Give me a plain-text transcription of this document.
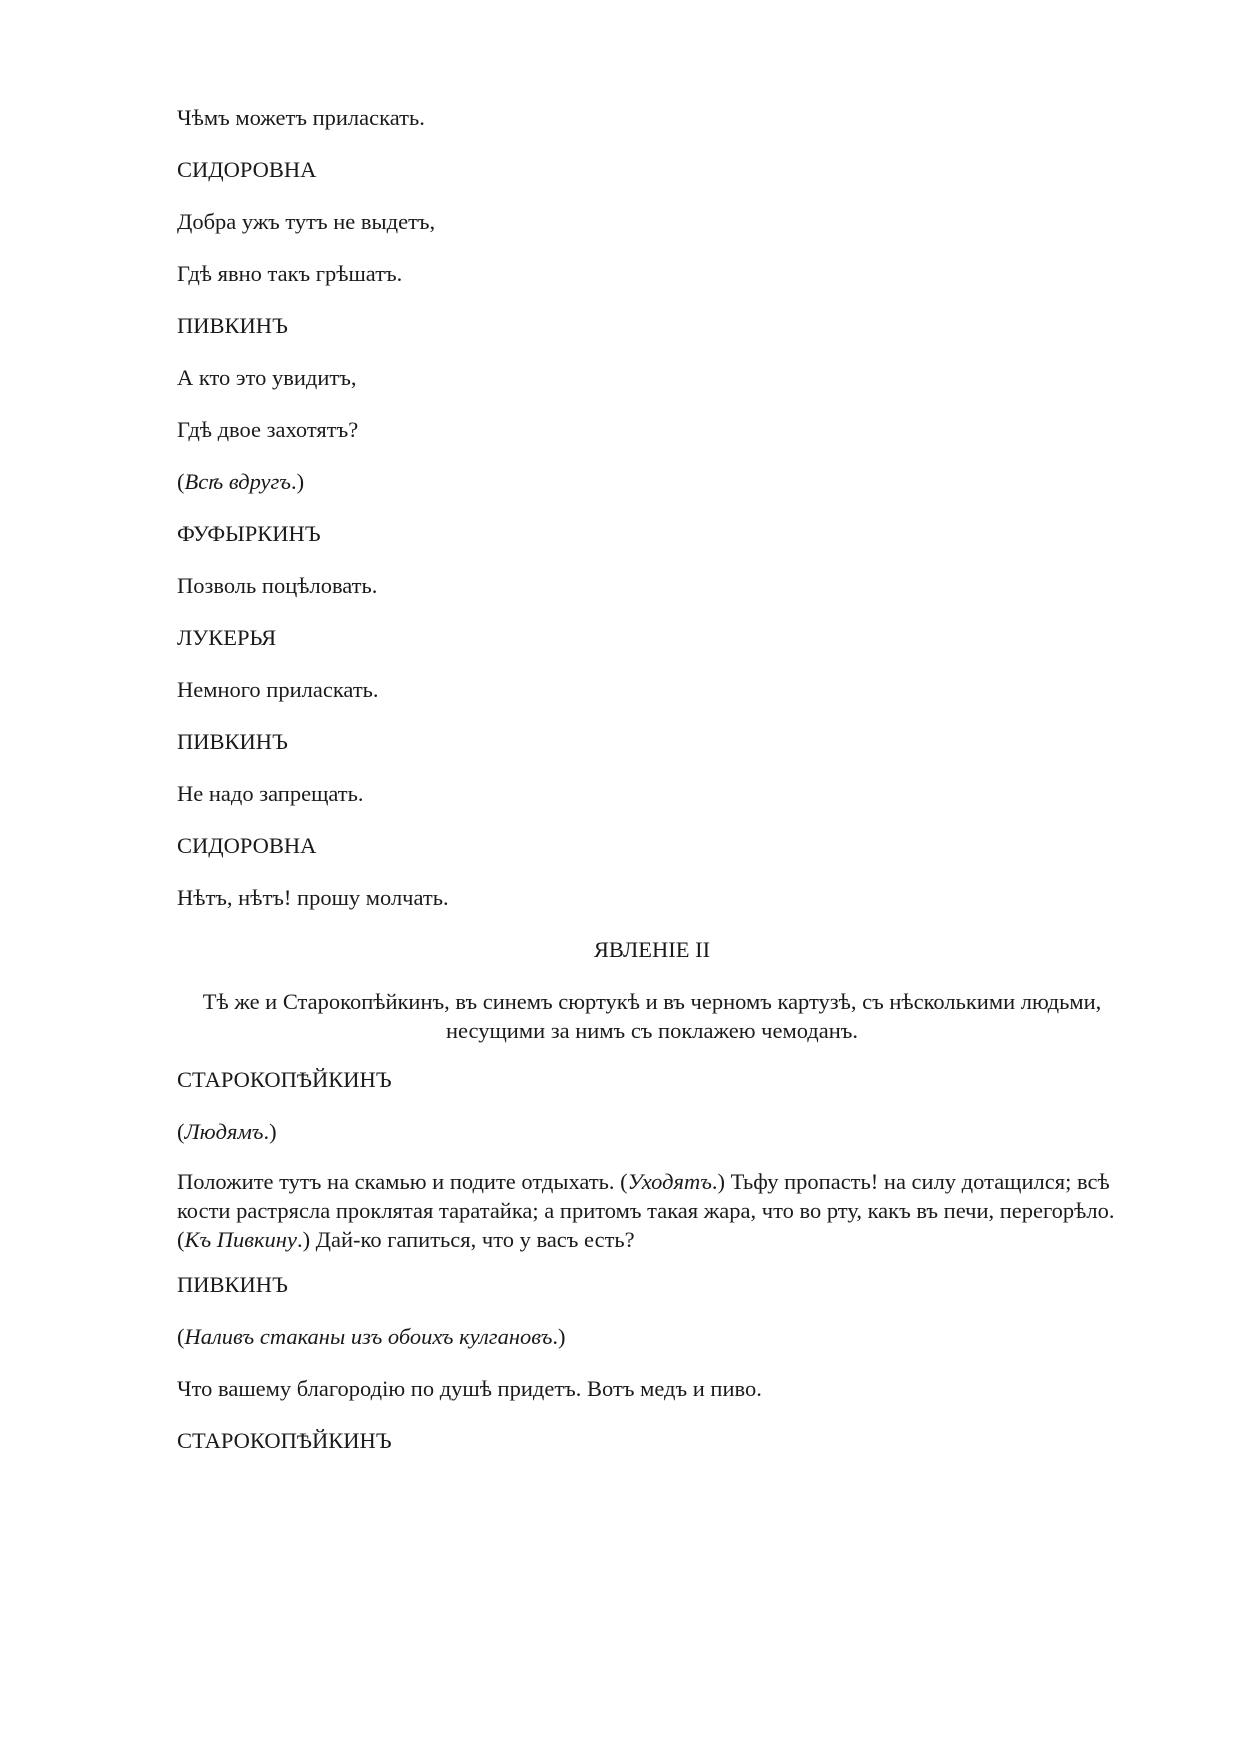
Чѣмъ можетъ приласкать.

СИДОРОВНА

Добра ужъ тутъ не выдетъ,

Гдѣ явно такъ грѣшатъ.

ПИВКИНЪ

А кто это увидитъ,

Гдѣ двое захотятъ?

(Всѣ вдругъ.)

ФУФЫРКИНЪ

Позволь поцѣловать.

ЛУКЕРЬЯ

Немного приласкать.

ПИВКИНЪ

Не надо запрещать.

СИДОРОВНА

Нѣтъ, нѣтъ! прошу молчать.

ЯВЛЕНІЕ II

Тѣ же и Старокопѣйкинъ, въ синемъ сюртукѣ и въ черномъ картузѣ, съ нѣсколькими людьми, несущими за нимъ съ поклажею чемоданъ.

СТАРОКОПѢЙКИНЪ

(Людямъ.)

Положите тутъ на скамью и подите отдыхать. (Уходятъ.) Тьфу пропасть! на силу дотащился; всѣ кости растрясла проклятая таратайка; а притомъ такая жара, что во рту, какъ въ печи, перегорѣло. (Къ Пивкину.) Дай-ко гапиться, что у васъ есть?

ПИВКИНЪ

(Наливъ стаканы изъ обоихъ кулгановъ.)

Что вашему благородію по душѣ придетъ. Вотъ медъ и пиво.

СТАРОКОПѢЙКИНЪ
